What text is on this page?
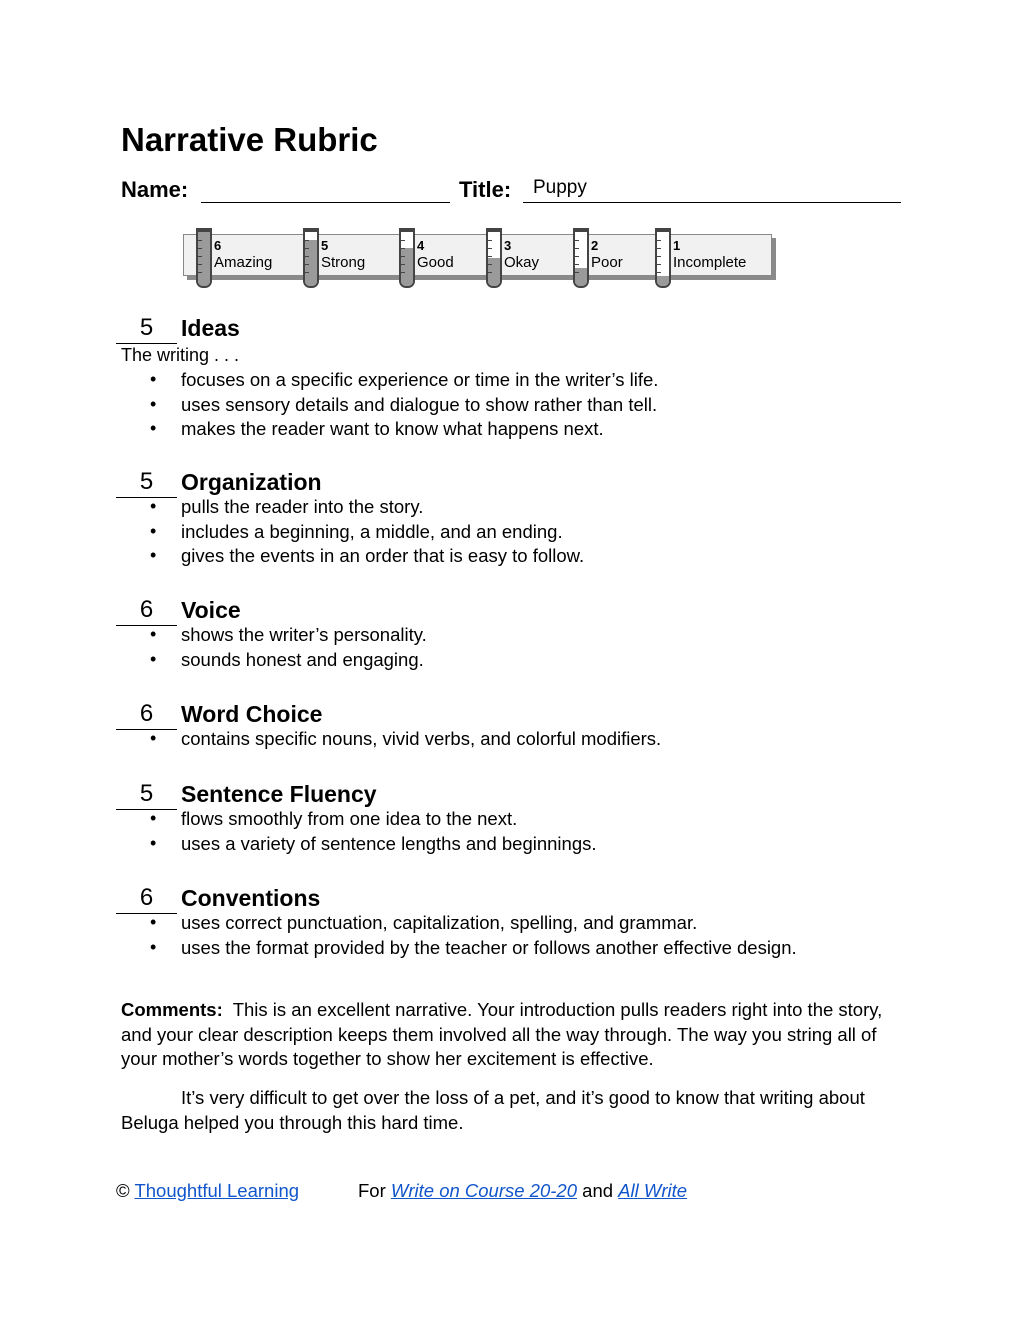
Narrative Rubric
Name:	Title: Puppy
6
Amazing
5
Strong
4
Good
3
Okay
2
Poor
1
Incomplete
5	Ideas
The writing . . .
• focuses on a specific experience or time in the writer’s life.
• uses sensory details and dialogue to show rather than tell.
• makes the reader want to know what happens next.
5	Organization
• pulls the reader into the story.
• includes a beginning, a middle, and an ending.
• gives the events in an order that is easy to follow.
6	Voice
• shows the writer’s personality.
• sounds honest and engaging.
6	Word Choice
• contains specific nouns, vivid verbs, and colorful modifiers.
5	Sentence Fluency
• flows smoothly from one idea to the next.
• uses a variety of sentence lengths and beginnings.
6	Conventions
• uses correct punctuation, capitalization, spelling, and grammar.
• uses the format provided by the teacher or follows another effective design.

Comments: This is an excellent narrative. Your introduction pulls readers right into the story, and your clear description keeps them involved all the way through. The way you string all of your mother’s words together to show her excitement is effective.

It’s very difficult to get over the loss of a pet, and it’s good to know that writing about Beluga helped you through this hard time.

© Thoughtful Learning	For Write on Course 20-20 and All Write
